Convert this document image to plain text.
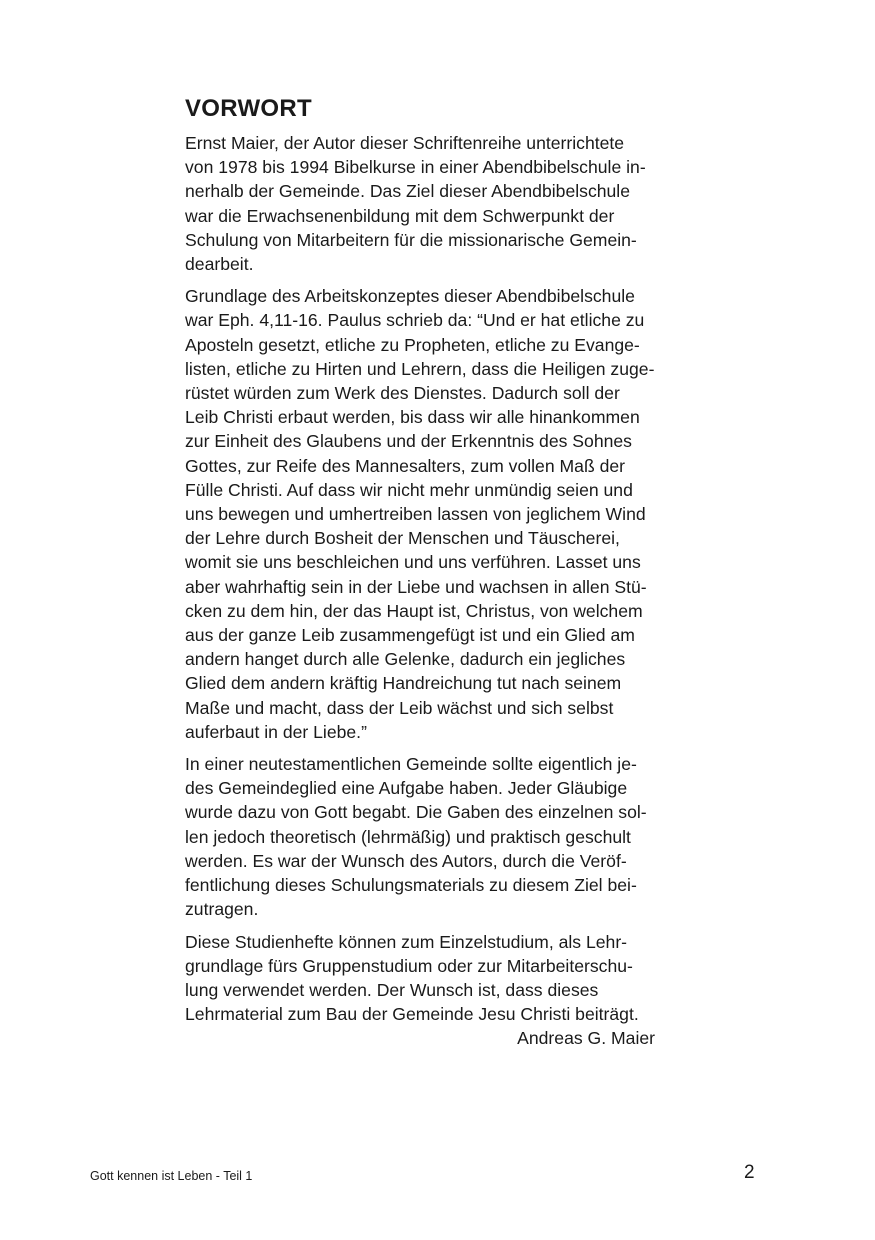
VORWORT

Ernst Maier, der Autor dieser Schriftenreihe unterrichtete
von 1978 bis 1994 Bibelkurse in einer Abendbibelschule in-
nerhalb der Gemeinde. Das Ziel dieser Abendbibelschule
war die Erwachsenenbildung mit dem Schwerpunkt der
Schulung von Mitarbeitern für die missionarische Gemein-
dearbeit.

Grundlage des Arbeitskonzeptes dieser Abendbibelschule
war Eph. 4,11-16. Paulus schrieb da: “Und er hat etliche zu
Aposteln gesetzt, etliche zu Propheten, etliche zu Evange-
listen, etliche zu Hirten und Lehrern, dass die Heiligen zuge-
rüstet würden zum Werk des Dienstes. Dadurch soll der
Leib Christi erbaut werden, bis dass wir alle hinankommen
zur Einheit des Glaubens und der Erkenntnis des Sohnes
Gottes, zur Reife des Mannesalters, zum vollen Maß der
Fülle Christi. Auf dass wir nicht mehr unmündig seien und
uns bewegen und umhertreiben lassen von jeglichem Wind
der Lehre durch Bosheit der Menschen und Täuscherei,
womit sie uns beschleichen und uns verführen. Lasset uns
aber wahrhaftig sein in der Liebe und wachsen in allen Stü-
cken zu dem hin, der das Haupt ist, Christus, von welchem
aus der ganze Leib zusammengefügt ist und ein Glied am
andern hanget durch alle Gelenke, dadurch ein jegliches
Glied dem andern kräftig Handreichung tut nach seinem
Maße und macht, dass der Leib wächst und sich selbst
auferbaut in der Liebe.”

In einer neutestamentlichen Gemeinde sollte eigentlich je-
des Gemeindeglied eine Aufgabe haben. Jeder Gläubige
wurde dazu von Gott begabt. Die Gaben des einzelnen sol-
len jedoch theoretisch (lehrmäßig) und praktisch geschult
werden. Es war der Wunsch des Autors, durch die Veröf-
fentlichung dieses Schulungsmaterials zu diesem Ziel bei-
zutragen.

Diese Studienhefte können zum Einzelstudium, als Lehr-
grundlage fürs Gruppenstudium oder zur Mitarbeiterschu-
lung verwendet werden. Der Wunsch ist, dass dieses
Lehrmaterial zum Bau der Gemeinde Jesu Christi beiträgt.

Andreas G. Maier

Gott kennen ist Leben - Teil 1	2
